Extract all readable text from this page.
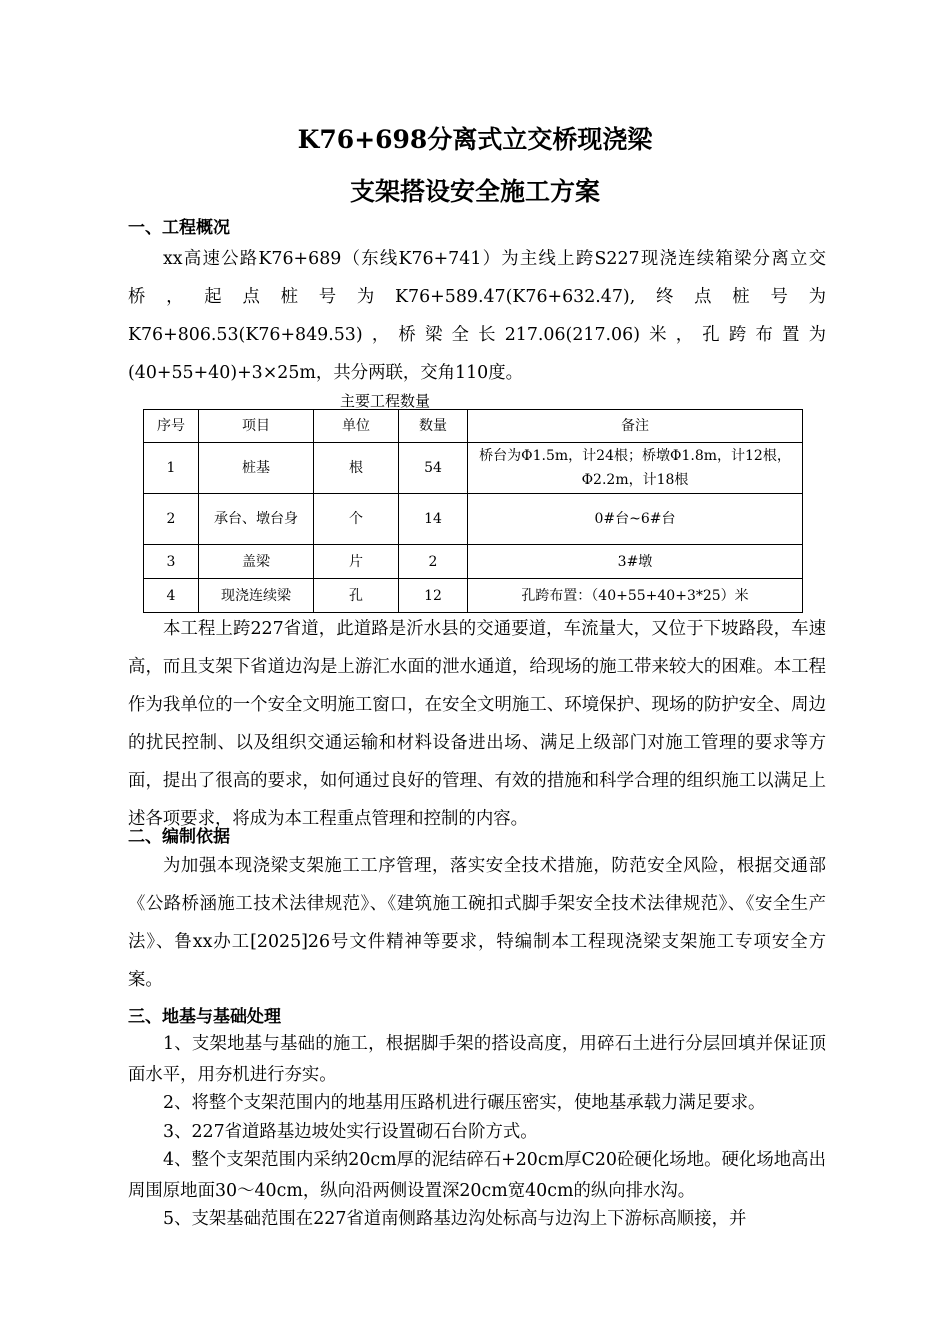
K76+698分离式立交桥现浇梁
支架搭设安全施工方案
一、工程概况

xx高速公路K76+689（东线K76+741）为主线上跨S227现浇连续箱梁分离立交桥，起点桩号为K76+589.47(K76+632.47),终点桩号为K76+806.53(K76+849.53)，桥梁全长217.06(217.06)米，孔跨布置为(40+55+40)+3×25m，共分两联，交角110度。

主要工程数量
序号	项目	单位	数量	备注
1	桩基	根	54	桥台为Φ1.5m，计24根；桥墩Φ1.8m，计12根，Φ2.2m，计18根
2	承台、墩台身	个	14	0#台~6#台
3	盖梁	片	2	3#墩
4	现浇连续梁	孔	12	孔跨布置：（40+55+40+3*25）米

本工程上跨227省道，此道路是沂水县的交通要道，车流量大，又位于下坡路段，车速高，而且支架下省道边沟是上游汇水面的泄水通道，给现场的施工带来较大的困难。本工程作为我单位的一个安全文明施工窗口，在安全文明施工、环境保护、现场的防护安全、周边的扰民控制、以及组织交通运输和材料设备进出场、满足上级部门对施工管理的要求等方面，提出了很高的要求，如何通过良好的管理、有效的措施和科学合理的组织施工以满足上述各项要求，将成为本工程重点管理和控制的内容。

二、编制依据

为加强本现浇梁支架施工工序管理，落实安全技术措施，防范安全风险，根据交通部《公路桥涵施工技术法律规范》、《建筑施工碗扣式脚手架安全技术法律规范》、《安全生产法》、鲁xx办工[2025]26号文件精神等要求，特编制本工程现浇梁支架施工专项安全方案。

三、地基与基础处理

1、支架地基与基础的施工，根据脚手架的搭设高度，用碎石土进行分层回填并保证顶面水平，用夯机进行夯实。

2、将整个支架范围内的地基用压路机进行碾压密实，使地基承载力满足要求。

3、227省道路基边坡处实行设置砌石台阶方式。

4、整个支架范围内采纳20cm厚的泥结碎石+20cm厚C20砼硬化场地。硬化场地高出周围原地面30～40cm，纵向沿两侧设置深20cm宽40cm的纵向排水沟。

5、支架基础范围在227省道南侧路基边沟处标高与边沟上下游标高顺接，并
